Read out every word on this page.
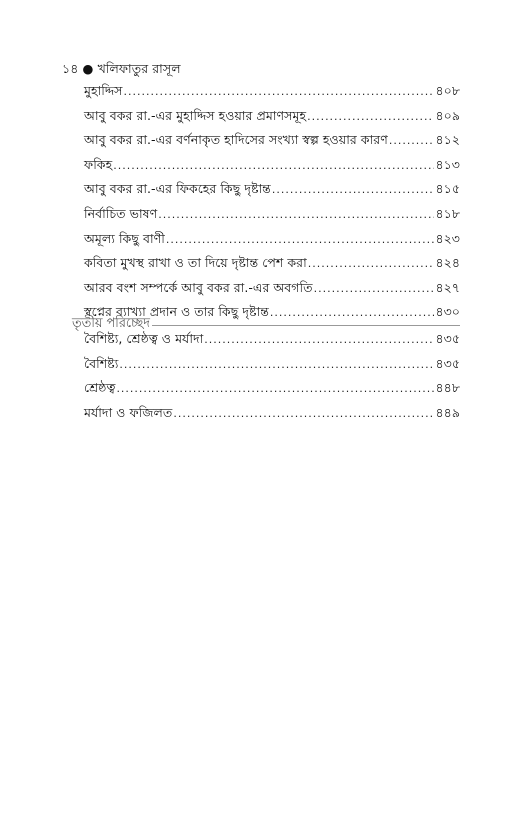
১৪ ● খলিফাতুর রাসূল
মুহাদ্দিস .....	৪০৮
আবু বকর রা.-এর মুহাদ্দিস হওয়ার প্রমাণসমূহ .....	৪০৯
আবু বকর রা.-এর বর্ণনাকৃত হাদিসের সংখ্যা স্বল্প হওয়ার কারণ .....	৪১২
ফকিহ .....	৪১৩
আবু বকর রা.-এর ফিকহের কিছু দৃষ্টান্ত .....	৪১৫
নির্বাচিত ভাষণ .....	৪১৮
অমূল্য কিছু বাণী .....	৪২৩
কবিতা মুখস্থ রাখা ও তা দিয়ে দৃষ্টান্ত পেশ করা .....	৪২৪
আরব বংশ সম্পর্কে আবু বকর রা.-এর অবগতি .....	৪২৭
স্বপ্নের ব্যাখ্যা প্রদান ও তার কিছু দৃষ্টান্ত .....	৪৩০
তৃতীয় পরিচ্ছেদ
বৈশিষ্ট্য, শ্রেষ্ঠত্ব ও মর্যাদা .....	৪৩৫
বৈশিষ্ট্য .....	৪৩৫
শ্রেষ্ঠত্ব .....	৪৪৮
মর্যাদা ও ফজিলত .....	৪৪৯
